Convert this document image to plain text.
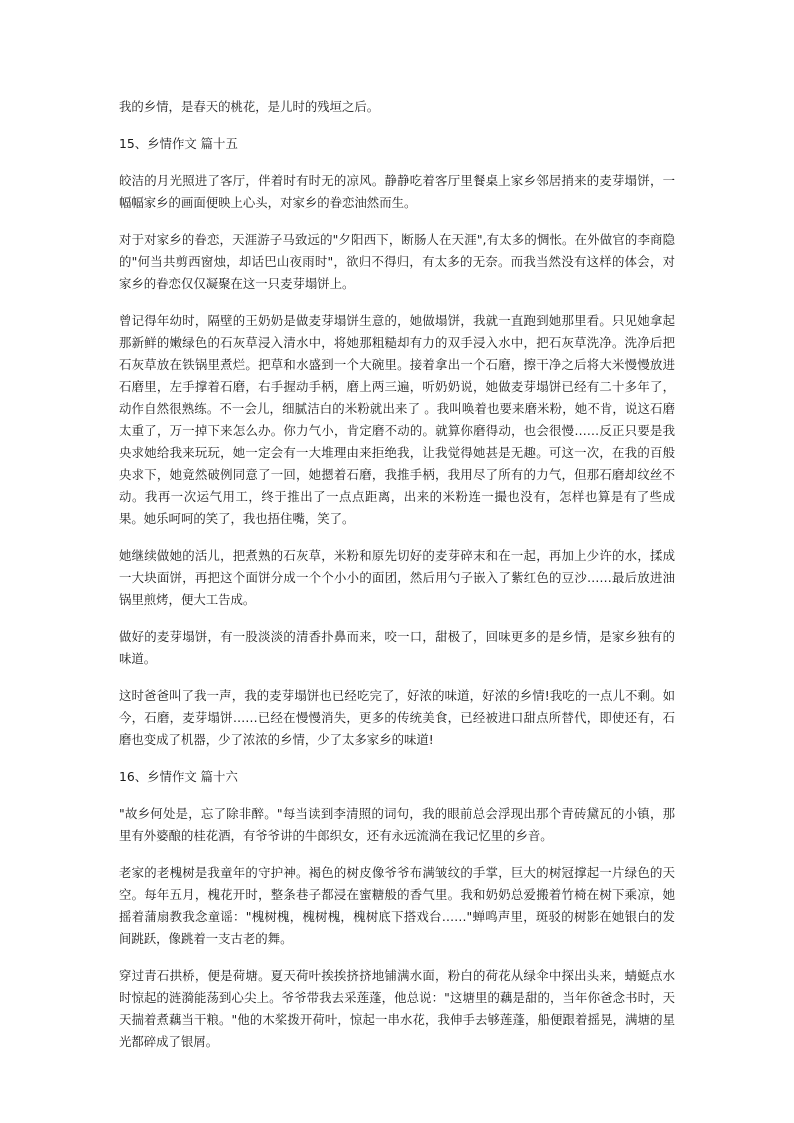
我的乡情，是春天的桃花，是儿时的残垣之后。

15、乡情作文 篇十五

皎洁的月光照进了客厅，伴着时有时无的凉风。静静吃着客厅里餐桌上家乡邻居捎来的麦芽塌饼，一幅幅家乡的画面便映上心头，对家乡的眷恋油然而生。

对于对家乡的眷恋，天涯游子马致远的"夕阳西下，断肠人在天涯",有太多的惆怅。在外做官的李商隐的"何当共剪西窗烛，却话巴山夜雨时"，欲归不得归，有太多的无奈。而我当然没有这样的体会，对家乡的眷恋仅仅凝聚在这一只麦芽塌饼上。

曾记得年幼时，隔壁的王奶奶是做麦芽塌饼生意的，她做塌饼，我就一直跑到她那里看。只见她拿起那新鲜的嫩绿色的石灰草浸入清水中，将她那粗糙却有力的双手浸入水中，把石灰草洗净。洗净后把石灰草放在铁锅里煮烂。把草和水盛到一个大碗里。接着拿出一个石磨，擦干净之后将大米慢慢放进石磨里，左手撑着石磨，右手握动手柄，磨上两三遍，听奶奶说，她做麦芽塌饼已经有二十多年了，动作自然很熟练。不一会儿，细腻洁白的米粉就出来了 。我叫唤着也要来磨米粉，她不肯，说这石磨太重了，万一掉下来怎么办。你力气小，肯定磨不动的。就算你磨得动，也会很慢……反正只要是我央求她给我来玩玩，她一定会有一大堆理由来拒绝我，让我觉得她甚是无趣。可这一次，在我的百般央求下，她竟然破例同意了一回，她摁着石磨，我推手柄，我用尽了所有的力气，但那石磨却纹丝不动。我再一次运气用工，终于推出了一点点距离，出来的米粉连一撮也没有，怎样也算是有了些成果。她乐呵呵的笑了，我也捂住嘴，笑了。

她继续做她的活儿，把煮熟的石灰草，米粉和原先切好的麦芽碎末和在一起，再加上少许的水，揉成一大块面饼，再把这个面饼分成一个个小小的面团，然后用勺子嵌入了紫红色的豆沙……最后放进油锅里煎烤，便大工告成。

做好的麦芽塌饼，有一股淡淡的清香扑鼻而来，咬一口，甜极了，回味更多的是乡情，是家乡独有的味道。

这时爸爸叫了我一声，我的麦芽塌饼也已经吃完了，好浓的味道，好浓的乡情!我吃的一点儿不剩。如今，石磨，麦芽塌饼……已经在慢慢消失，更多的传统美食，已经被进口甜点所替代，即使还有，石磨也变成了机器，少了浓浓的乡情，少了太多家乡的味道!

16、乡情作文 篇十六

"故乡何处是，忘了除非醉。"每当读到李清照的词句，我的眼前总会浮现出那个青砖黛瓦的小镇，那里有外婆酿的桂花酒，有爷爷讲的牛郎织女，还有永远流淌在我记忆里的乡音。

老家的老槐树是我童年的守护神。褐色的树皮像爷爷布满皱纹的手掌，巨大的树冠撑起一片绿色的天空。每年五月，槐花开时，整条巷子都浸在蜜糖般的香气里。我和奶奶总爱搬着竹椅在树下乘凉，她摇着蒲扇教我念童谣："槐树槐，槐树槐，槐树底下搭戏台……"蝉鸣声里，斑驳的树影在她银白的发间跳跃，像跳着一支古老的舞。

穿过青石拱桥，便是荷塘。夏天荷叶挨挨挤挤地铺满水面，粉白的荷花从绿伞中探出头来，蜻蜓点水时惊起的涟漪能荡到心尖上。爷爷带我去采莲蓬，他总说："这塘里的藕是甜的，当年你爸念书时，天天揣着煮藕当干粮。"他的木桨拨开荷叶，惊起一串水花，我伸手去够莲蓬，船便跟着摇晃，满塘的星光都碎成了银屑。
